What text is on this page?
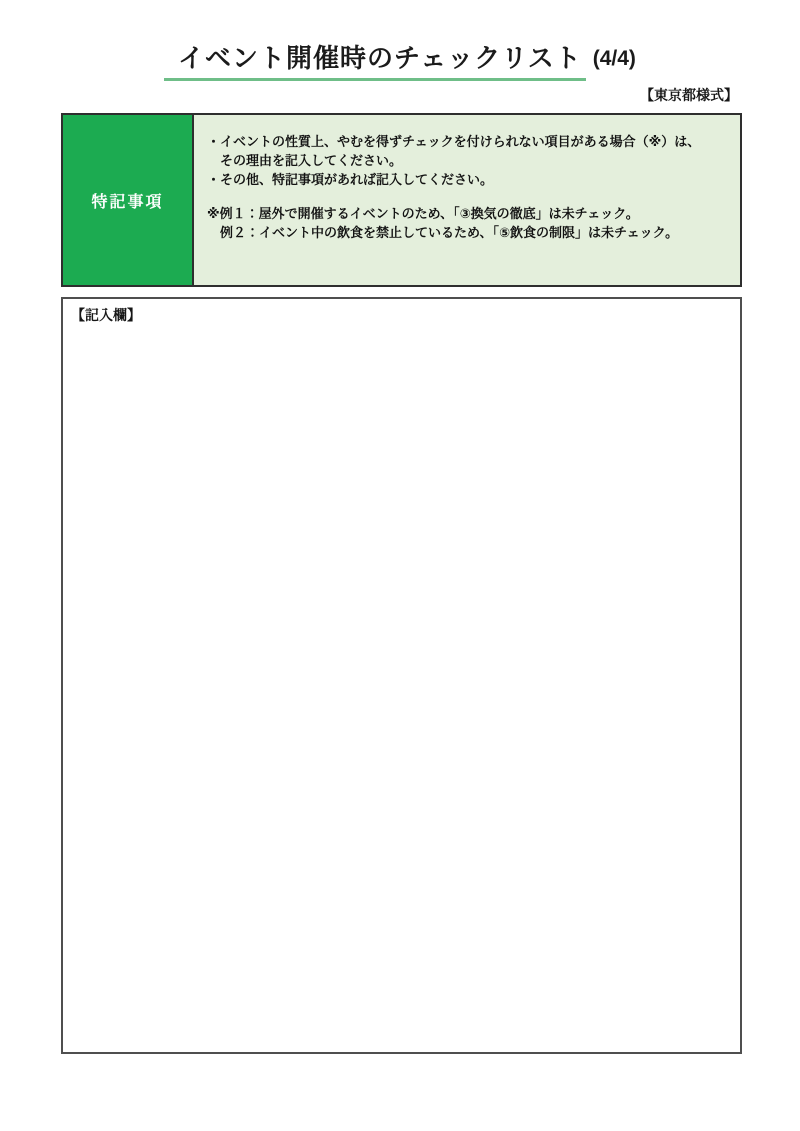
イベント開催時のチェックリスト (4/4)
【東京都様式】
特記事項

・イベントの性質上、やむを得ずチェックを付けられない項目がある場合（※）は、

その理由を記入してください。

・その他、特記事項があれば記入してください。

※例１：屋外で開催するイベントのため、「③換気の徹底」は未チェック。

例２：イベント中の飲食を禁止しているため、「⑤飲食の制限」は未チェック。

【記入欄】
